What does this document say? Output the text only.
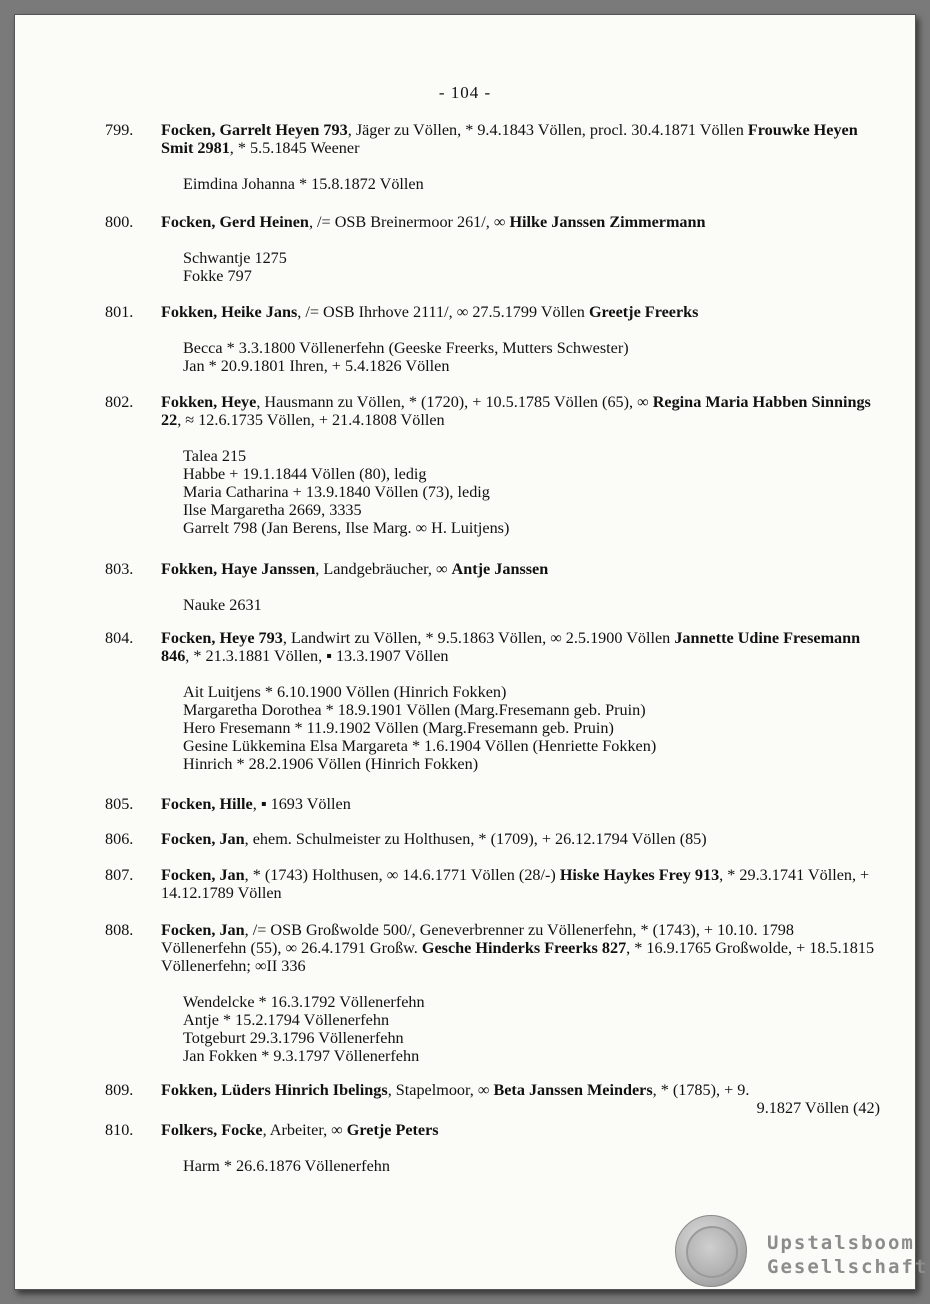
- 104 -
799.	Focken, Garrelt Heyen 793, Jäger zu Völlen, * 9.4.1843 Völlen, procl. 30.4.1871 Völlen Frouwke Heyen Smit 2981, * 5.5.1845 Weener
Eimdina Johanna * 15.8.1872 Völlen
800.	Focken, Gerd Heinen, /= OSB Breinermoor 261/, ∞ Hilke Janssen Zimmermann
Schwantje 1275
Fokke 797
801.	Fokken, Heike Jans, /= OSB Ihrhove 2111/, ∞ 27.5.1799 Völlen Greetje Freerks
Becca * 3.3.1800 Völlenerfehn (Geeske Freerks, Mutters Schwester)
Jan * 20.9.1801 Ihren, + 5.4.1826 Völlen
802.	Fokken, Heye, Hausmann zu Völlen, * (1720), + 10.5.1785 Völlen (65), ∞ Regina Maria Habben Sinnings 22, ≈ 12.6.1735 Völlen, + 21.4.1808 Völlen
Talea 215
Habbe + 19.1.1844 Völlen (80), ledig
Maria Catharina + 13.9.1840 Völlen (73), ledig
Ilse Margaretha 2669, 3335
Garrelt 798 (Jan Berens, Ilse Marg. ∞ H. Luitjens)
803.	Fokken, Haye Janssen, Landgebräucher, ∞ Antje Janssen
Nauke 2631
804.	Focken, Heye 793, Landwirt zu Völlen, * 9.5.1863 Völlen, ∞ 2.5.1900 Völlen Jannette Udine Fresemann 846, * 21.3.1881 Völlen, ▪ 13.3.1907 Völlen
Ait Luitjens * 6.10.1900 Völlen (Hinrich Fokken)
Margaretha Dorothea * 18.9.1901 Völlen (Marg.Fresemann geb. Pruin)
Hero Fresemann * 11.9.1902 Völlen (Marg.Fresemann geb. Pruin)
Gesine Lükkemina Elsa Margareta * 1.6.1904 Völlen (Henriette Fokken)
Hinrich * 28.2.1906 Völlen (Hinrich Fokken)
805.	Focken, Hille, ▪ 1693 Völlen
806.	Focken, Jan, ehem. Schulmeister zu Holthusen, * (1709), + 26.12.1794 Völlen (85)
807.	Focken, Jan, * (1743) Holthusen, ∞ 14.6.1771 Völlen (28/-) Hiske Haykes Frey 913, * 29.3.1741 Völlen, + 14.12.1789 Völlen
808.	Focken, Jan, /= OSB Großwolde 500/, Geneverbrenner zu Völlenerfehn, * (1743), + 10.10. 1798 Völlenerfehn (55), ∞ 26.4.1791 Großw. Gesche Hinderks Freerks 827, * 16.9.1765 Großwolde, + 18.5.1815 Völlenerfehn; ∞II 336
Wendelcke * 16.3.1792 Völlenerfehn
Antje * 15.2.1794 Völlenerfehn
Totgeburt 29.3.1796 Völlenerfehn
Jan Fokken * 9.3.1797 Völlenerfehn
809.	Fokken, Lüders Hinrich Ibelings, Stapelmoor, ∞ Beta Janssen Meinders, * (1785), + 9.
9.1827 Völlen (42)
810.	Folkers, Focke, Arbeiter, ∞ Gretje Peters
Harm * 26.6.1876 Völlenerfehn
Upstalsboom
Gesellschaft
